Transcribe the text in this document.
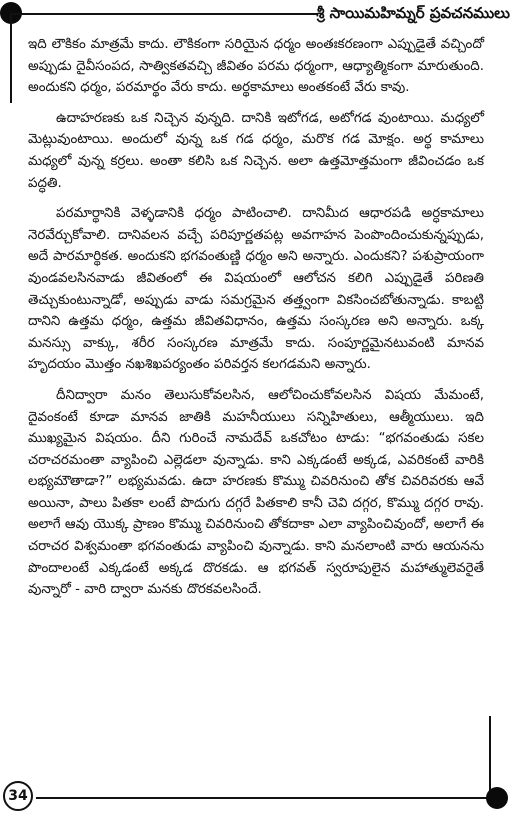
శ్రీ సాయిమహిమ్నర్ ప్రవచనములు

ఇది లౌకికం మాత్రమే కాదు. లౌకికంగా సరియైన ధర్మం అంతఃకరణంగా ఎప్పుడైతే వచ్చిందో అప్పుడు దైవీసంపద, సాత్వికతవచ్చి జీవితం పరమ ధర్మంగా, ఆధ్యాత్మికంగా మారుతుంది. అందుకని ధర్మం, పరమార్థం వేరు కాదు. అర్థకామాలు అంతకంటే వేరు కావు.

ఉదాహరణకు ఒక నిచ్చెన వున్నది. దానికి ఇటోగడ, అటోగడ వుంటాయి. మధ్యలో మెట్లువుంటాయి. అందులో వున్న ఒక గడ ధర్మం, మరొక గడ మోక్షం. అర్థ కామాలు మధ్యలో వున్న కర్రలు. అంతా కలిసి ఒక నిచ్చెన. అలా ఉత్తమోత్తమంగా జీవించడం ఒక పద్ధతి.

పరమార్థానికి వెళ్ళడానికి ధర్మం పాటించాలి. దానిమీద ఆధారపడి అర్ధకామాలు నెరవేర్చుకోవాలి. దానివలన వచ్చే పరిపూర్ణతపట్ల అవగాహన పెంపొందించుకున్నప్పుడు, అదే పారమార్థికత. అందుకని భగవంతుణ్ణి ధర్మం అని అన్నారు. ఎందుకని? పశుప్రాయంగా వుండవలసినవాడు జీవితంలో ఈ విషయంలో ఆలోచన కలిగి ఎప్పుడైతే పరిణతి తెచ్చుకుంటున్నాడో, అప్పుడు వాడు సమగ్రమైన తత్త్వంగా వికసించబోతున్నాడు. కాబట్టి దానిని ఉత్తమ ధర్మం, ఉత్తమ జీవితవిధానం, ఉత్తమ సంస్కరణ అని అన్నారు. ఒక్క మనస్సు వాక్కు, శరీర సంస్కరణ మాత్రమే కాదు. సంపూర్ణమైనటువంటి మానవ హృదయం మొత్తం నఖశిఖపర్యంతం పరివర్తన కలగడమని అన్నారు.

దీనిద్వారా మనం తెలుసుకోవలసిన, ఆలోచించుకోవలసిన విషయ మేమంటే, దైవంకంటే కూడా మానవ జాతికి మహనీయులు సన్నిహితులు, ఆత్మీయులు. ఇది ముఖ్యమైన విషయం. దీని గురించే నామదేవ్ ఒకచోటం టాడు: “భగవంతుడు సకల చరాచరమంతా వ్యాపించి ఎల్లెడలా వున్నాడు. కాని ఎక్కడంటే అక్కడ, ఎవరికంటే వారికి లభ్యమౌతాడా?” లభ్యమవడు. ఉదా హరణకు కొమ్ము చివరినుంచి తోక చివరివరకు ఆవే అయినా, పాలు పితకా లంటే పొదుగు దగ్గరే పితకాలి కానీ చెవి దగ్గర, కొమ్ము దగ్గర రావు. అలాగే ఆవు యొక్క ప్రాణం కొమ్ము చివరినుంచి తోకదాకా ఎలా వ్యాపించివుందో, అలాగే ఈ చరాచర విశ్వమంతా భగవంతుడు వ్యాపించి వున్నాడు. కాని మనలాంటి వారు ఆయనను పొందాలంటే ఎక్కడంటే అక్కడ దొరకడు. ఆ భగవత్ స్వరూపులైన మహాత్ములెవరైతే వున్నారో - వారి ద్వారా మనకు దొరకవలసిందే.

34
